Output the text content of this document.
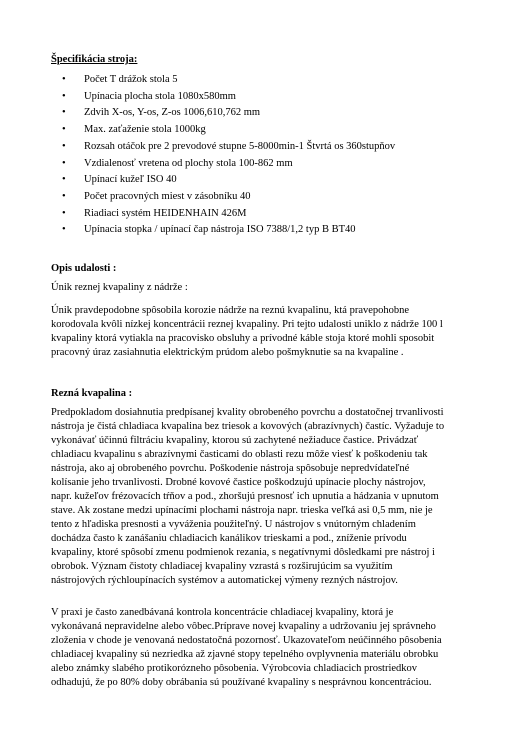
Špecifikácia stroja:
• Počet T drážok stola 5
• Upínacia plocha stola 1080x580mm
• Zdvih X-os, Y-os, Z-os 1006,610,762 mm
• Max. zaťaženie stola 1000kg
• Rozsah otáčok pre 2 prevodové stupne 5-8000min-1 Štvrtá os 360stupňov
• Vzdialenosť vretena od plochy stola 100-862 mm
• Upínací kužeľ ISO 40
• Počet pracovných miest v zásobníku 40
• Riadiaci systém HEIDENHAIN 426M
• Upínacia stopka / upínací čap nástroja ISO 7388/1,2 typ B BT40
Opis udalosti :
Únik reznej kvapaliny z nádrže :
Únik pravdepodobne spôsobila korozie nádrže na reznú kvapalinu, ktá pravepohobne
korodovala kvôli nízkej koncentrácii reznej kvapaliny. Pri tejto udalosti uniklo z nádrže 100 l
kvapaliny ktorá vytiakla na pracovisko obsluhy a prívodné káble stoja ktoré mohli sposobit
pracovný úraz zasiahnutia elektrickým prúdom alebo pošmyknutie sa na kvapaline .
Rezná kvapalina :
Predpokladom dosiahnutia predpísanej kvality obrobeného povrchu a dostatočnej trvanlivosti
nástroja je čistá chladiaca kvapalina bez triesok a kovových (abrazívnych) častíc. Vyžaduje to
vykonávať účinnú filtráciu kvapaliny, ktorou sú zachytené nežiaduce častice. Privádzať
chladiacu kvapalinu s abrazívnymi časticami do oblasti rezu môže viesť k poškodeniu tak
nástroja, ako aj obrobeného povrchu. Poškodenie nástroja spôsobuje nepredvídateľné
kolísanie jeho trvanlivosti. Drobné kovové častice poškodzujú upínacie plochy nástrojov,
napr. kužeľov frézovacích tŕňov a pod., zhoršujú presnosť ich upnutia a hádzania v upnutom
stave. Ak zostane medzi upínacími plochami nástroja napr. trieska veľká asi 0,5 mm, nie je
tento z hľadiska presnosti a vyváženia použiteľný. U nástrojov s vnútorným chladením
dochádza často k zanášaniu chladiacich kanálikov trieskami a pod., zníženie prívodu
kvapaliny, ktoré spôsobí zmenu podmienok rezania, s negatívnymi dôsledkami pre nástroj i
obrobok. Význam čistoty chladiacej kvapaliny vzrastá s rozširujúcim sa využitím
nástrojových rýchloupínacích systémov a automatickej výmeny rezných nástrojov.
V praxi je často zanedbávaná kontrola koncentrácie chladiacej kvapaliny, ktorá je
vykonávaná nepravidelne alebo vôbec.Príprave novej kvapaliny a udržovaniu jej správneho
zloženia v chode je venovaná nedostatočná pozornosť. Ukazovateľom neúčinného pôsobenia
chladiacej kvapaliny sú nezriedka až zjavné stopy tepelného ovplyvnenia materiálu obrobku
alebo známky slabého protikorózneho pôsobenia. Výrobcovia chladiacich prostriedkov
odhadujú, že po 80% doby obrábania sú používané kvapaliny s nesprávnou koncentráciou.
